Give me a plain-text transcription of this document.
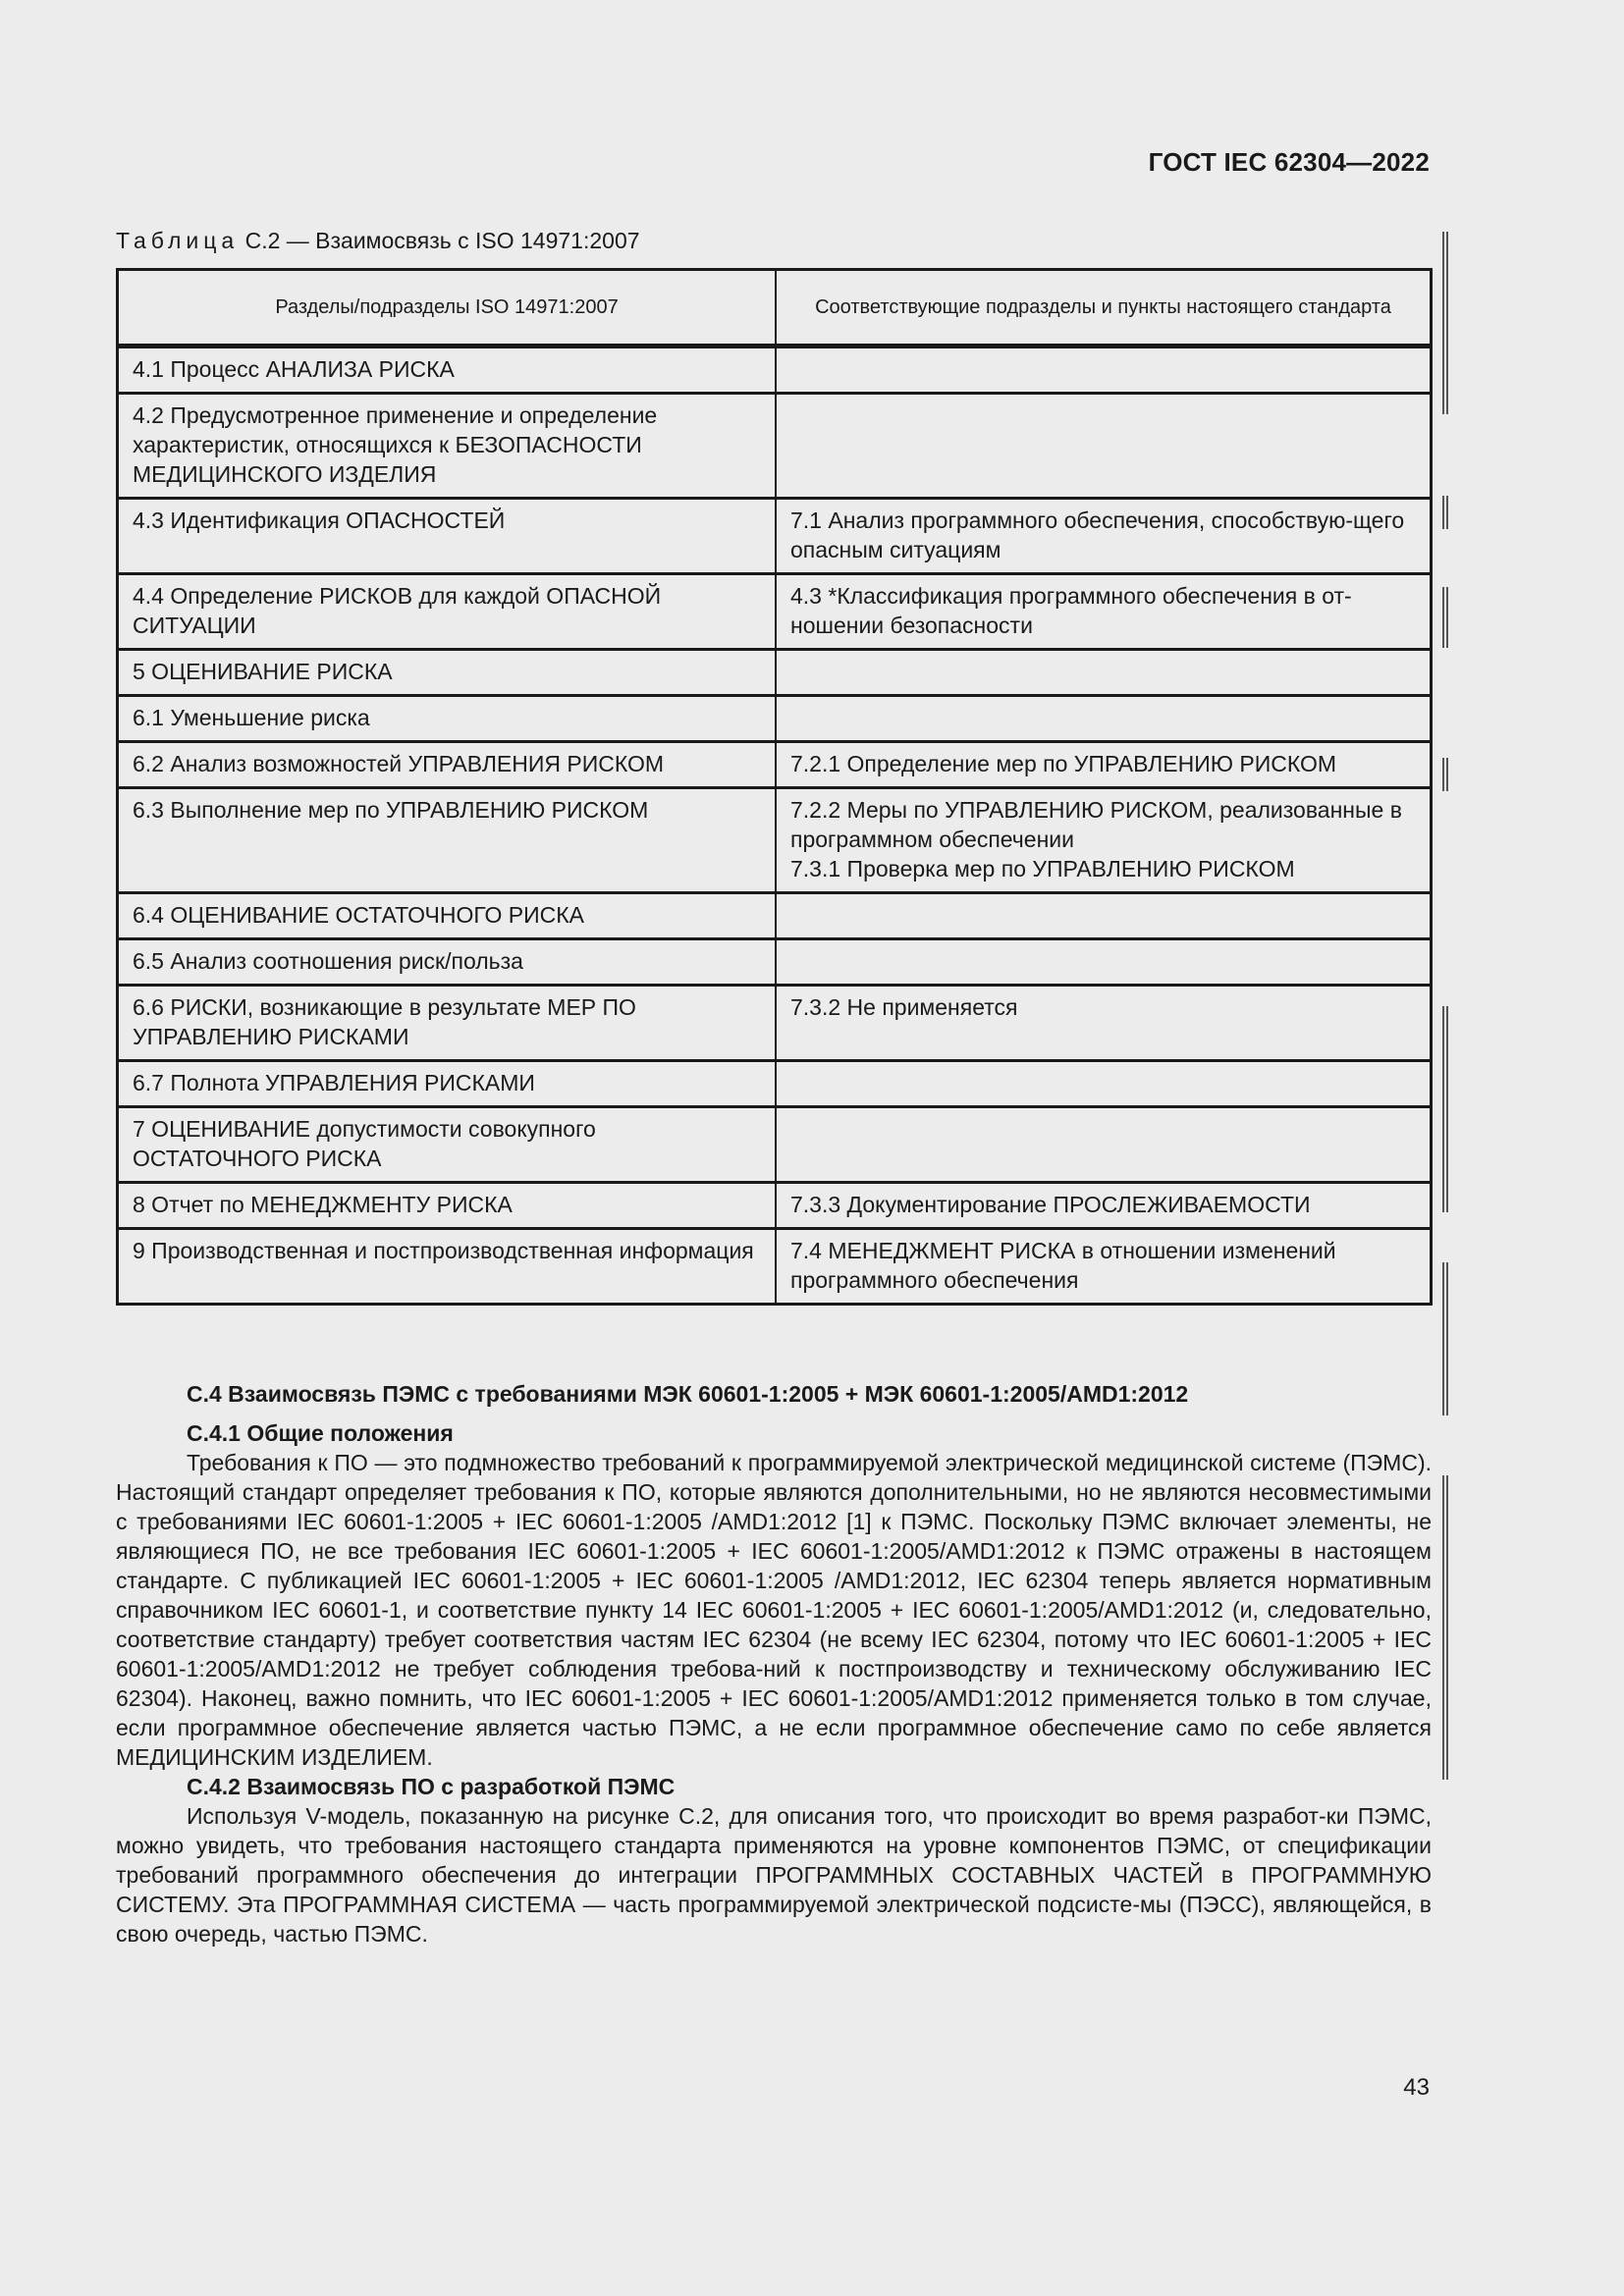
ГОСТ IEC 62304—2022
Таблица С.2 — Взаимосвязь с ISO 14971:2007
Разделы/подразделы ISO 14971:2007	Соответствующие подразделы и пункты настоящего стандарта
4.1 Процесс АНАЛИЗА РИСКА	
4.2 Предусмотренное применение и определение характеристик, относящихся к БЕЗОПАСНОСТИ МЕДИЦИНСКОГО ИЗДЕЛИЯ	
4.3 Идентификация ОПАСНОСТЕЙ	7.1 Анализ программного обеспечения, способствую-щего опасным ситуациям
4.4 Определение РИСКОВ для каждой ОПАСНОЙ СИТУАЦИИ	4.3 *Классификация программного обеспечения в от-ношении безопасности
5 ОЦЕНИВАНИЕ РИСКА	
6.1 Уменьшение риска	
6.2 Анализ возможностей УПРАВЛЕНИЯ РИСКОМ	7.2.1 Определение мер по УПРАВЛЕНИЮ РИСКОМ
6.3 Выполнение мер по УПРАВЛЕНИЮ РИСКОМ	7.2.2 Меры по УПРАВЛЕНИЮ РИСКОМ, реализованные в программном обеспечении
7.3.1 Проверка мер по УПРАВЛЕНИЮ РИСКОМ

6.4 ОЦЕНИВАНИЕ ОСТАТОЧНОГО РИСКА	
6.5 Анализ соотношения риск/польза	
6.6 РИСКИ, возникающие в результате МЕР ПО УПРАВЛЕНИЮ РИСКАМИ	7.3.2 Не применяется
6.7 Полнота УПРАВЛЕНИЯ РИСКАМИ	
7 ОЦЕНИВАНИЕ допустимости совокупного ОСТАТОЧНОГО РИСКА	
8 Отчет по МЕНЕДЖМЕНТУ РИСКА	7.3.3 Документирование ПРОСЛЕЖИВАЕМОСТИ
9 Производственная и постпроизводственная информация	7.4 МЕНЕДЖМЕНТ РИСКА в отношении изменений программного обеспечения
С.4 Взаимосвязь ПЭМС с требованиями МЭК 60601-1:2005 + МЭК 60601-1:2005/AMD1:2012
С.4.1 Общие положения

Требования к ПО — это подмножество требований к программируемой электрической медицинской системе (ПЭМС). Настоящий стандарт определяет требования к ПО, которые являются дополнительными, но не являются несовместимыми с требованиями IEC 60601-1:2005 + IEC 60601-1:2005 /AMD1:2012 [1] к ПЭМС. Поскольку ПЭМС включает элементы, не являющиеся ПО, не все требования IEC 60601-1:2005 + IEC 60601-1:2005/AMD1:2012 к ПЭМС отражены в настоящем стандарте. С публикацией IEC 60601-1:2005 + IEC 60601-1:2005 /AMD1:2012, IEC 62304 теперь является нормативным справочником IEC 60601-1, и соответствие пункту 14 IEC 60601-1:2005 + IEC 60601-1:2005/AMD1:2012 (и, следовательно, соответствие стандарту) требует соответствия частям IEC 62304 (не всему IEC 62304, потому что IEC 60601-1:2005 + IEC 60601-1:2005/AMD1:2012 не требует соблюдения требова-ний к постпроизводству и техническому обслуживанию IEC 62304). Наконец, важно помнить, что IEC 60601-1:2005 + IEC 60601-1:2005/AMD1:2012 применяется только в том случае, если программное обеспечение является частью ПЭМС, а не если программное обеспечение само по себе является МЕДИЦИНСКИМ ИЗДЕЛИЕМ.

С.4.2 Взаимосвязь ПО с разработкой ПЭМС

Используя V-модель, показанную на рисунке С.2, для описания того, что происходит во время разработ-ки ПЭМС, можно увидеть, что требования настоящего стандарта применяются на уровне компонентов ПЭМС, от спецификации требований программного обеспечения до интеграции ПРОГРАММНЫХ СОСТАВНЫХ ЧАСТЕЙ в ПРОГРАММНУЮ СИСТЕМУ. Эта ПРОГРАММНАЯ СИСТЕМА — часть программируемой электрической подсисте-мы (ПЭСС), являющейся, в свою очередь, частью ПЭМС.

43
